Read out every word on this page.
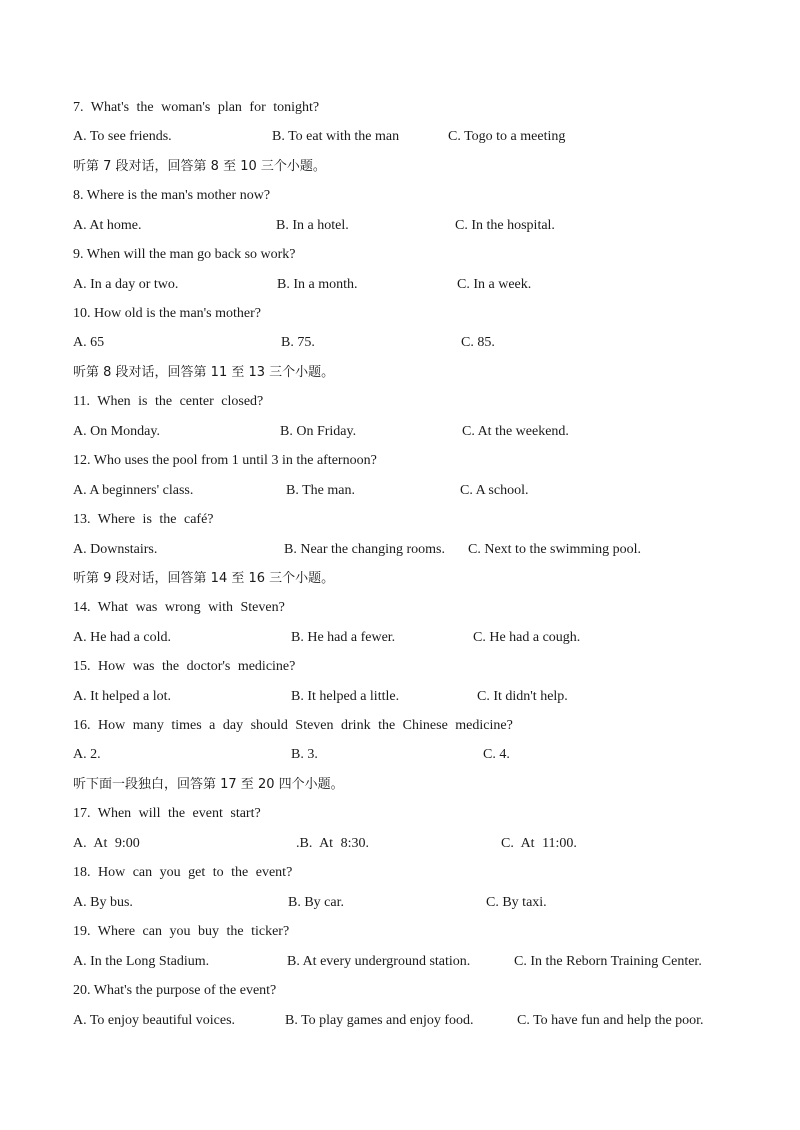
7. What's the woman's plan for tonight?
A. To see friends.	B. To eat with the man	C. Togo to a meeting
听第 7 段对话，回答第 8 至 10 三个小题。
8. Where is the man's mother now?
A. At home.	B. In a hotel.	C. In the hospital.
9. When will the man go back so work?
A. In a day or two.	B. In a month.	C. In a week.
10. How old is the man's mother?
A. 65	B. 75.	C. 85.
听第 8 段对话，回答第 11 至 13 三个小题。
11. When is the center closed?
A. On Monday.	B. On Friday.	C. At the weekend.
12. Who uses the pool from 1 until 3 in the afternoon?
A. A beginners' class.	B. The man.	C. A school.
13. Where is the café?
A. Downstairs.	B. Near the changing rooms. C. Next to the swimming pool.
听第 9 段对话，回答第 14 至 16 三个小题。
14. What was wrong with Steven?
A. He had a cold.	B. He had a fewer.	C. He had a cough.
15. How was the doctor's medicine?
A. It helped a lot.	B. It helped a little.	C. It didn't help.
16. How many times a day should Steven drink the Chinese medicine?
A. 2.	B. 3.	C. 4.
听下面一段独白，回答第 17 至 20 四个小题。
17. When will the event start?
A. At 9:00	.B. At 8:30.	C. At 11:00.
18. How can you get to the event?
A. By bus.	B. By car.	C. By taxi.
19. Where can you buy the ticker?
A. In the Long Stadium.	B. At every underground station.	C. In the Reborn Training Center.
20. What's the purpose of the event?
A. To enjoy beautiful voices.	B. To play games and enjoy food.	C. To have fun and help the poor.
